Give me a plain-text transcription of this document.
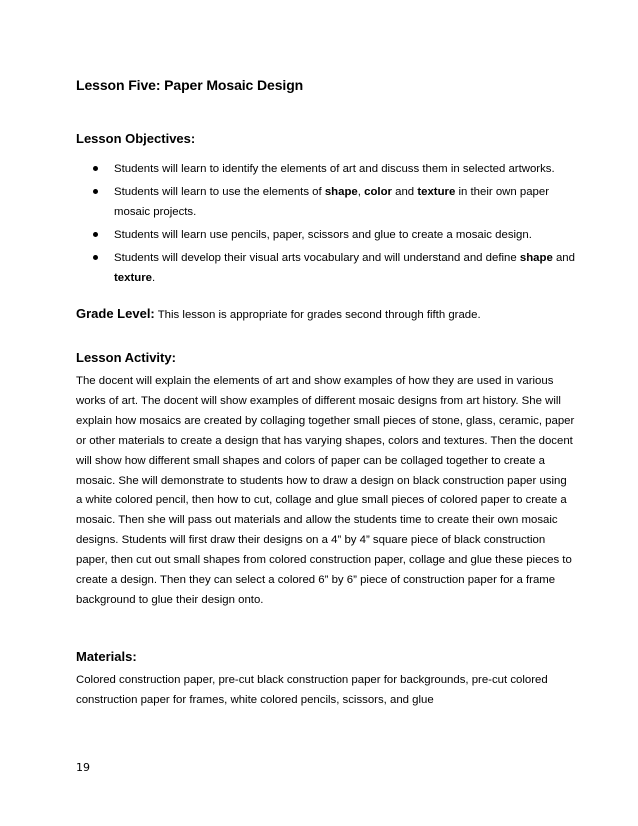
Lesson Five: Paper Mosaic Design
Lesson Objectives:
Students will learn to identify the elements of art and discuss them in selected artworks.
Students will learn to use the elements of shape, color and texture in their own paper mosaic projects.
Students will learn use pencils, paper, scissors and glue to create a mosaic design.
Students will develop their visual arts vocabulary and will understand and define shape and texture.
Grade Level: This lesson is appropriate for grades second through fifth grade.
Lesson Activity:

The docent will explain the elements of art and show examples of how they are used in various works of art. The docent will show examples of different mosaic designs from art history. She will explain how mosaics are created by collaging together small pieces of stone, glass, ceramic, paper or other materials to create a design that has varying shapes, colors and textures. Then the docent will show how different small shapes and colors of paper can be collaged together to create a mosaic. She will demonstrate to students how to draw a design on black construction paper using a white colored pencil, then how to cut, collage and glue small pieces of colored paper to create a mosaic. Then she will pass out materials and allow the students time to create their own mosaic designs. Students will first draw their designs on a 4” by 4” square piece of black construction paper, then cut out small shapes from colored construction paper, collage and glue these pieces to create a design. Then they can select a colored 6” by 6” piece of construction paper for a frame background to glue their design onto.

Materials:

Colored construction paper, pre-cut black construction paper for backgrounds, pre-cut colored construction paper for frames, white colored pencils, scissors, and glue

19
